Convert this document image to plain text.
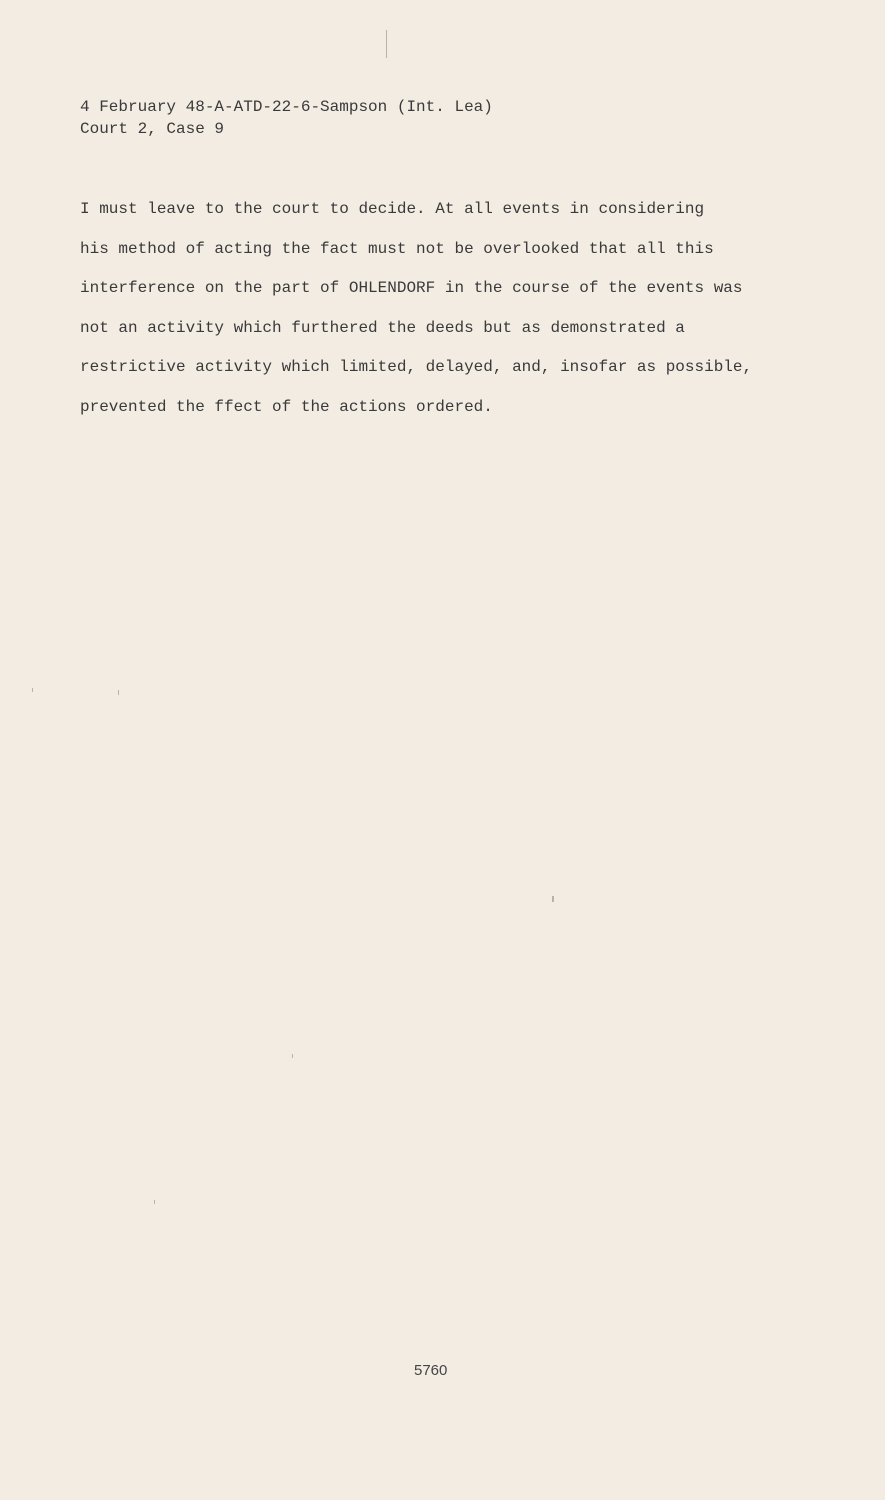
4 February 48-A-ATD-22-6-Sampson (Int. Lea)
Court 2, Case 9
I must leave to the court to decide. At all events in considering
his method of acting the fact must not be overlooked that all this
interference on the part of OHLENDORF in the course of the events was
not an activity which furthered the deeds but as demonstrated a
restrictive activity which limited, delayed, and, insofar as possible,
prevented the ffect of the actions ordered.
5760
